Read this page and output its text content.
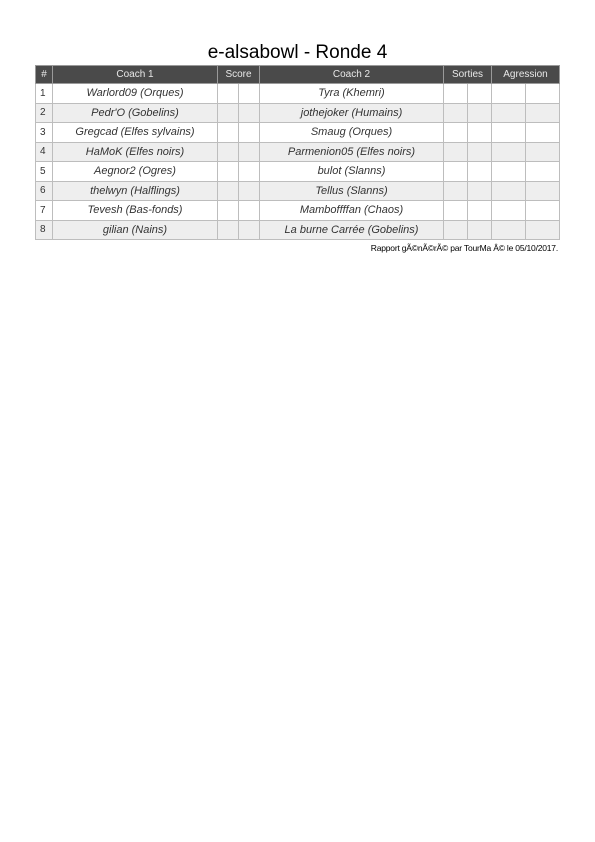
e-alsabowl - Ronde 4
#	Coach 1	Score		Coach 2	Sorties		Agression	
1	Warlord09 (Orques)			Tyra (Khemri)				
2	Pedr'O (Gobelins)			jothejoker (Humains)				
3	Gregcad (Elfes sylvains)			Smaug (Orques)				
4	HaMoK (Elfes noirs)			Parmenion05 (Elfes noirs)				
5	Aegnor2 (Ogres)			bulot (Slanns)				
6	thelwyn (Halflings)			Tellus (Slanns)				
7	Tevesh (Bas-fonds)			Mamboffffan (Chaos)				
8	gilian (Nains)			La burne Carrée (Gobelins)				
Rapport gÃ©nÃ©rÃ© par TourMa Â© le 05/10/2017.
